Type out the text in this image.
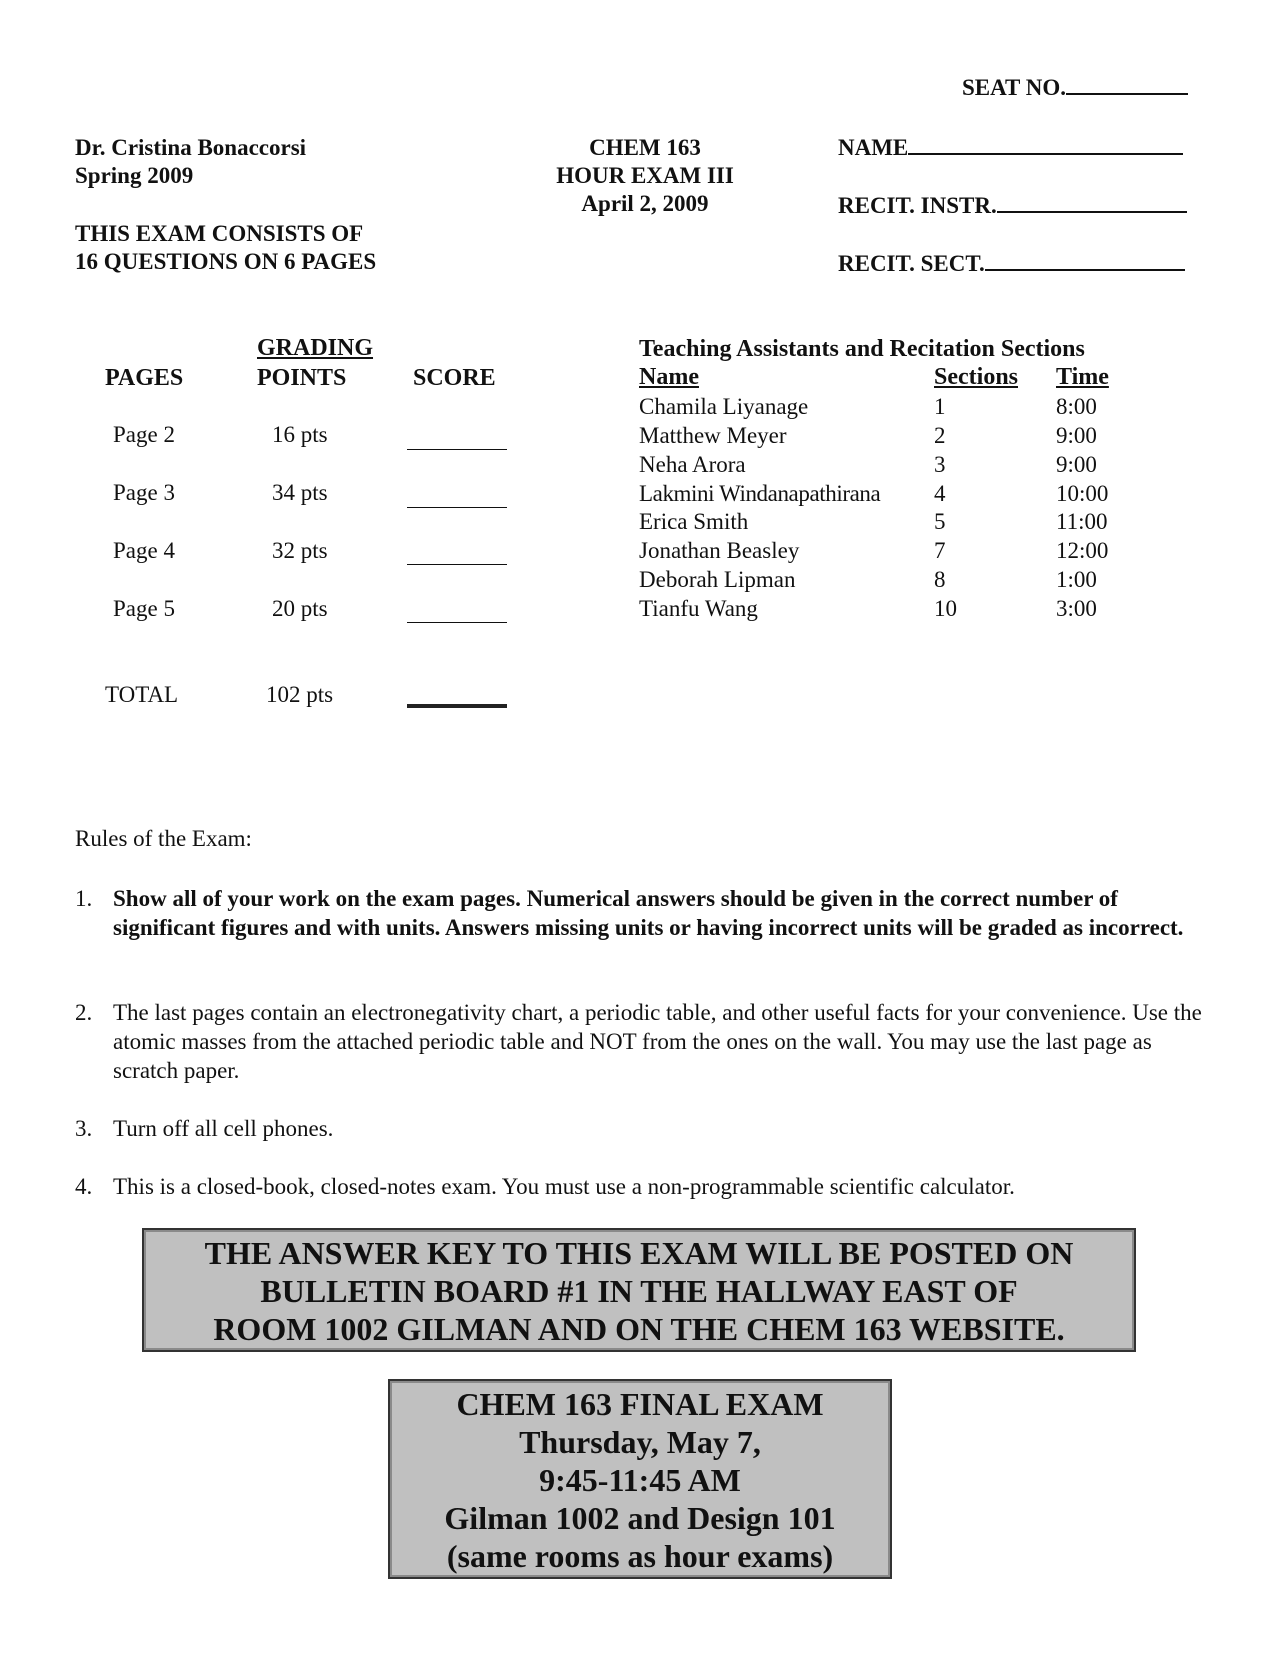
SEAT NO.
Dr. Cristina Bonaccorsi
Spring 2009
THIS EXAM CONSISTS OF
16 QUESTIONS ON 6 PAGES
CHEM 163
HOUR EXAM III
April 2, 2009
NAME
RECIT. INSTR.
RECIT. SECT.
GRADING
PAGES	POINTS	SCORE
Page 2	16 pts
Page 3	34 pts
Page 4	32 pts
Page 5	20 pts
TOTAL	102 pts
Teaching Assistants and Recitation Sections
Name	Sections Time
Chamila Liyanage	1	8:00
Matthew Meyer	2	9:00
Neha Arora	3	9:00
Lakmini Windanapathirana 4	10:00
Erica Smith	5	11:00
Jonathan Beasley	7	12:00
Deborah Lipman	8	1:00
Tianfu Wang	10	3:00
Rules of the Exam:
1. Show all of your work on the exam pages. Numerical answers should be given in the correct number of significant figures and with units. Answers missing units or having incorrect units will be graded as incorrect.
2. The last pages contain an electronegativity chart, a periodic table, and other useful facts for your convenience. Use the atomic masses from the attached periodic table and NOT from the ones on the wall. You may use the last page as scratch paper.
3. Turn off all cell phones.
4. This is a closed-book, closed-notes exam. You must use a non-programmable scientific calculator.
THE ANSWER KEY TO THIS EXAM WILL BE POSTED ON
BULLETIN BOARD #1 IN THE HALLWAY EAST OF
ROOM 1002 GILMAN AND ON THE CHEM 163 WEBSITE.
CHEM 163 FINAL EXAM
Thursday, May 7,
9:45-11:45 AM
Gilman 1002 and Design 101
(same rooms as hour exams)
